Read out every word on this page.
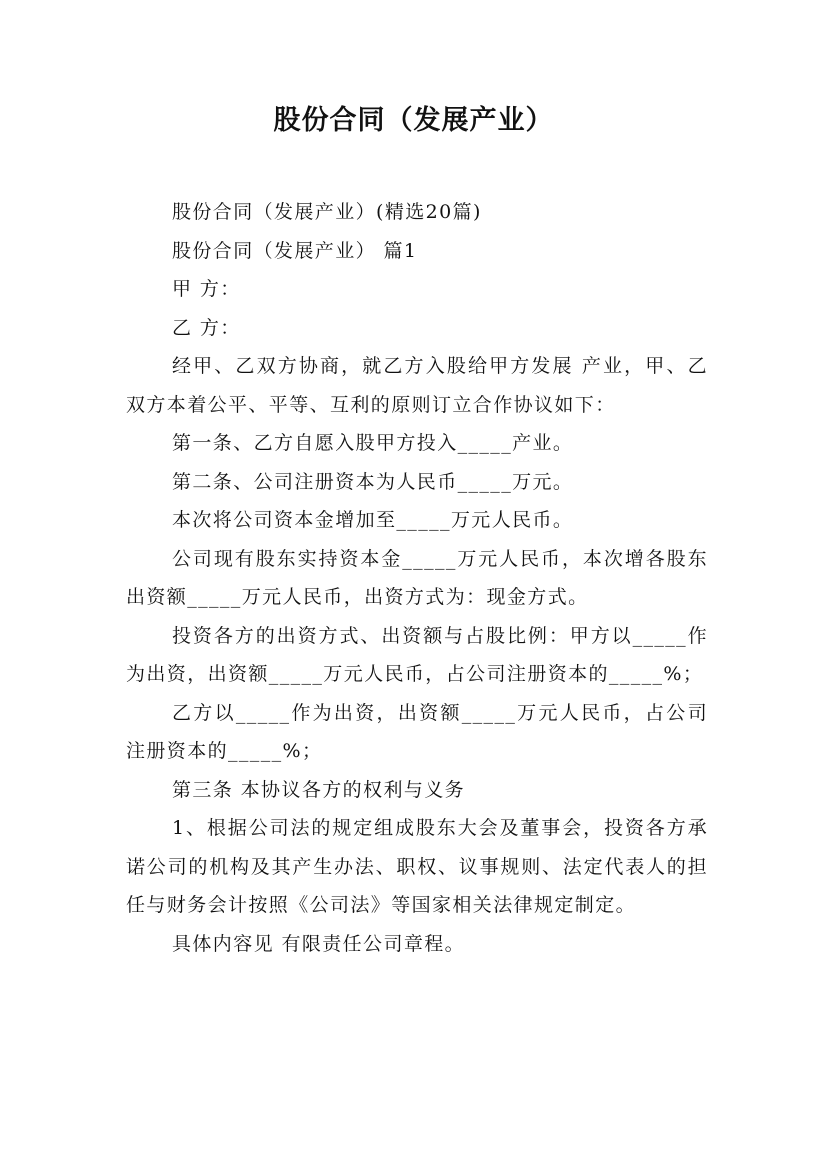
股份合同（发展产业）

股份合同（发展产业）(精选20篇)

股份合同（发展产业） 篇1

甲 方：

乙 方：

经甲、乙双方协商，就乙方入股给甲方发展 产业，甲、乙双方本着公平、平等、互利的原则订立合作协议如下：

第一条、乙方自愿入股甲方投入_____产业。

第二条、公司注册资本为人民币_____万元。

本次将公司资本金增加至_____万元人民币。

公司现有股东实持资本金_____万元人民币，本次增各股东出资额_____万元人民币，出资方式为：现金方式。

投资各方的出资方式、出资额与占股比例：甲方以_____作为出资，出资额_____万元人民币，占公司注册资本的_____%；

乙方以_____作为出资，出资额_____万元人民币，占公司注册资本的_____%；

第三条 本协议各方的权利与义务

1、根据公司法的规定组成股东大会及董事会，投资各方承诺公司的机构及其产生办法、职权、议事规则、法定代表人的担任与财务会计按照《公司法》等国家相关法律规定制定。

具体内容见 有限责任公司章程。
